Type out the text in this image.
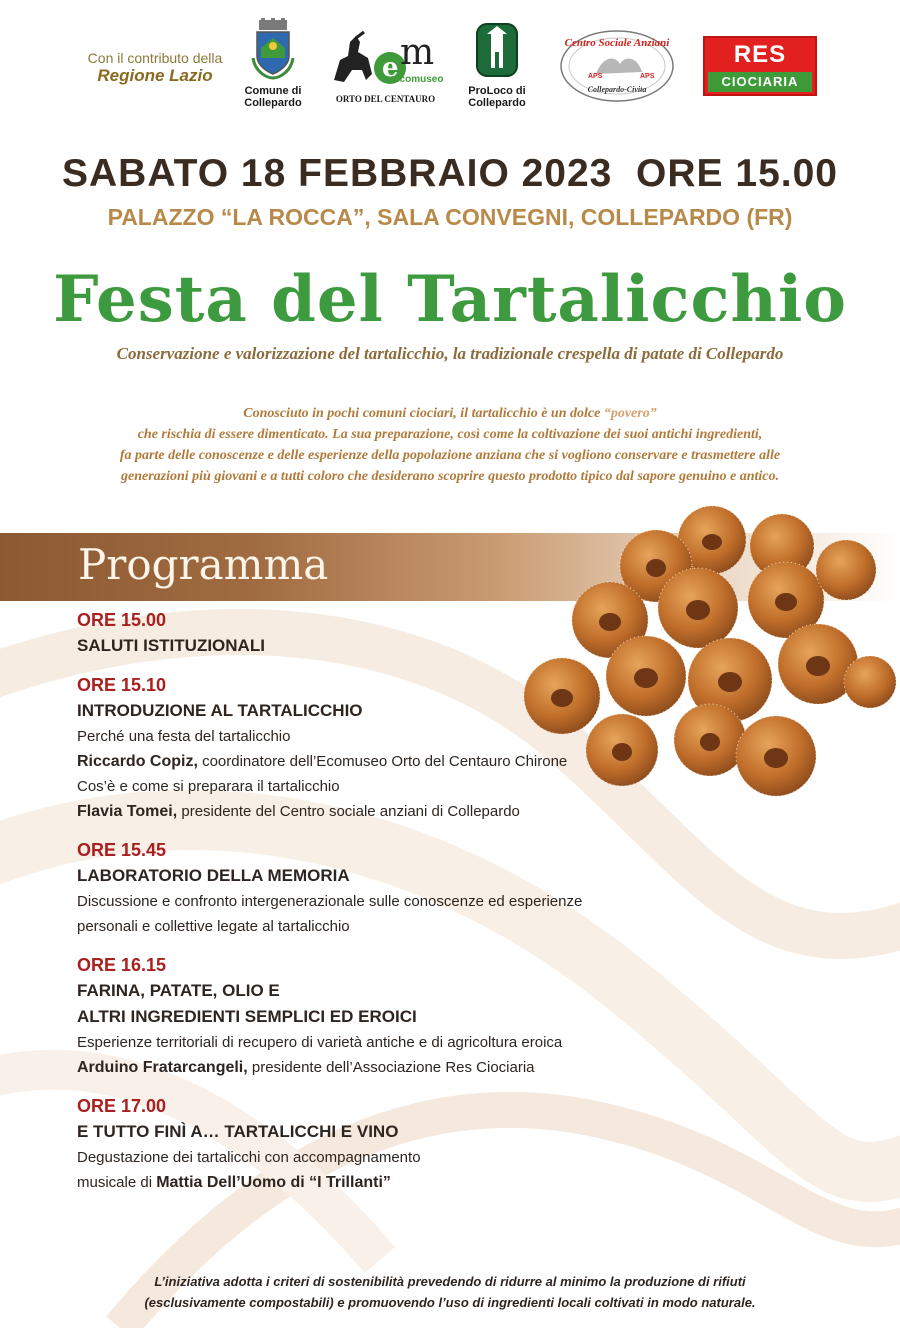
Con il contributo della
Regione Lazio
Comune di
Collepardo
e m
ecomuseo
ORTO DEL CENTAURO
ProLoco di
Collepardo
Centro Sociale Anziani
APS	APS
Collepardo-Civita
RES
CIOCIARIA
SABATO 18 FEBBRAIO 2023  ORE 15.00
PALAZZO “LA ROCCA”, SALA CONVEGNI, COLLEPARDO (FR)
Festa del Tartalicchio
Conservazione e valorizzazione del tartalicchio, la tradizionale crespella di patate di Collepardo
Conosciuto in pochi comuni ciociari, il tartalicchio è un dolce “povero”
che rischia di essere dimenticato. La sua preparazione, così come la coltivazione dei suoi antichi ingredienti,
fa parte delle conoscenze e delle esperienze della popolazione anziana che si vogliono conservare e trasmettere alle
generazioni più giovani e a tutti coloro che desiderano scoprire questo prodotto tipico dal sapore genuino e antico.
Programma
ORE 15.00
SALUTI ISTITUZIONALI
ORE 15.10
INTRODUZIONE AL TARTALICCHIO
Perché una festa del tartalicchio
Riccardo Copiz, coordinatore dell’Ecomuseo Orto del Centauro Chirone
Cos’è e come si preparara il tartalicchio
Flavia Tomei, presidente del Centro sociale anziani di Collepardo
ORE 15.45
LABORATORIO DELLA MEMORIA
Discussione e confronto intergenerazionale sulle conoscenze ed esperienze
personali e collettive legate al tartalicchio
ORE 16.15
FARINA, PATATE, OLIO E
ALTRI INGREDIENTI SEMPLICI ED EROICI
Esperienze territoriali di recupero di varietà antiche e di agricoltura eroica
Arduino Fratarcangeli, presidente dell’Associazione Res Ciociaria
ORE 17.00
E TUTTO FINÌ A… TARTALICCHI E VINO
Degustazione dei tartalicchi con accompagnamento
musicale di Mattia Dell’Uomo di “I Trillanti”
L’iniziativa adotta i criteri di sostenibilità prevedendo di ridurre al minimo la produzione di rifiuti
(esclusivamente compostabili) e promuovendo l’uso di ingredienti locali coltivati in modo naturale.
